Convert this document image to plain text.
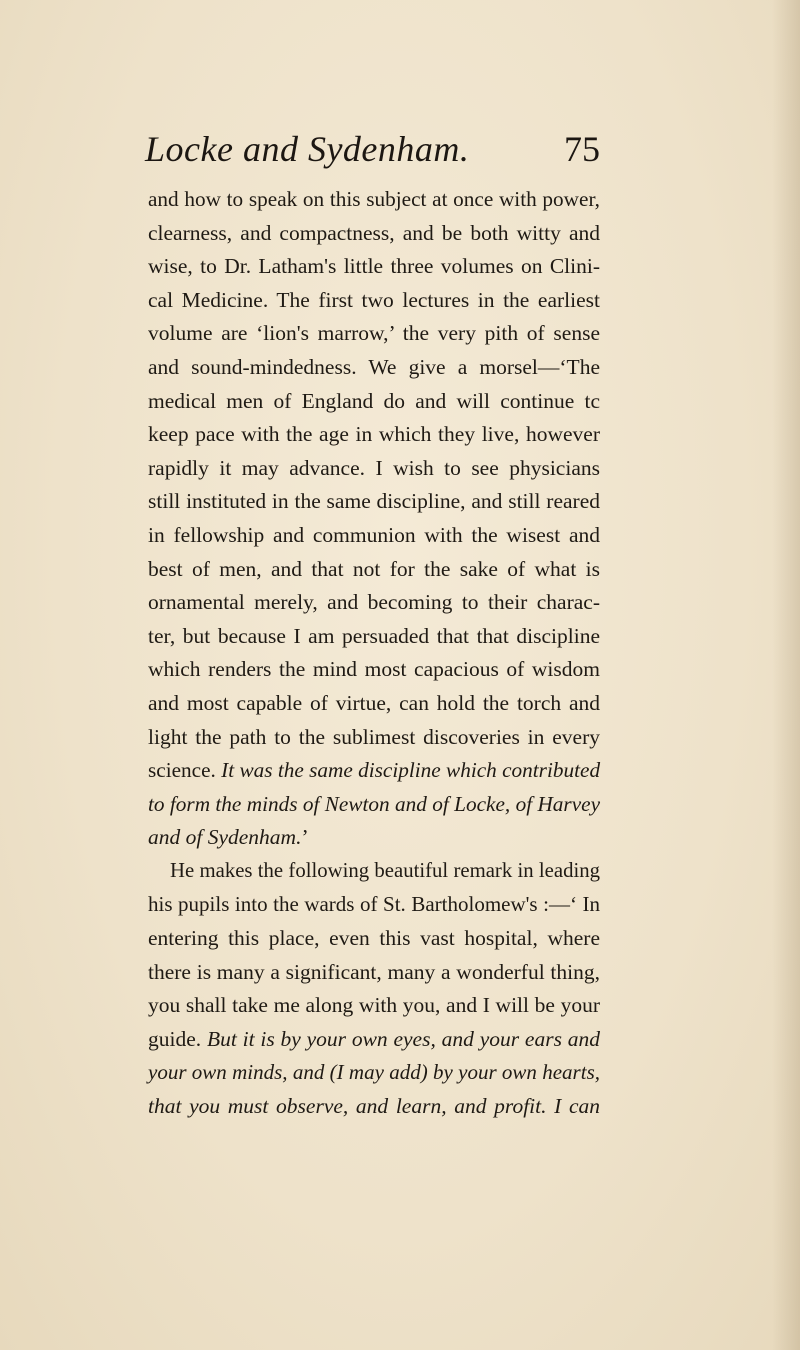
Locke and Sydenham.	75
and how to speak on this subject at once with power,
clearness, and compactness, and be both witty and
wise, to Dr. Latham's little three volumes on Clini-
cal Medicine. The first two lectures in the earliest
volume are ‘lion's marrow,’ the very pith of sense
and sound-mindedness. We give a morsel—‘The
medical men of England do and will continue tc
keep pace with the age in which they live, however
rapidly it may advance. I wish to see physicians
still instituted in the same discipline, and still reared
in fellowship and communion with the wisest and
best of men, and that not for the sake of what is
ornamental merely, and becoming to their charac-
ter, but because I am persuaded that that discipline
which renders the mind most capacious of wisdom
and most capable of virtue, can hold the torch and
light the path to the sublimest discoveries in every
science. It was the same discipline which contributed
to form the minds of Newton and of Locke, of Harvey
and of Sydenham.’
He makes the following beautiful remark in leading
his pupils into the wards of St. Bartholomew's :—‘ In
entering this place, even this vast hospital, where
there is many a significant, many a wonderful thing,
you shall take me along with you, and I will be your
guide. But it is by your own eyes, and your ears and
your own minds, and (I may add) by your own hearts,
that you must observe, and learn, and profit. I can
